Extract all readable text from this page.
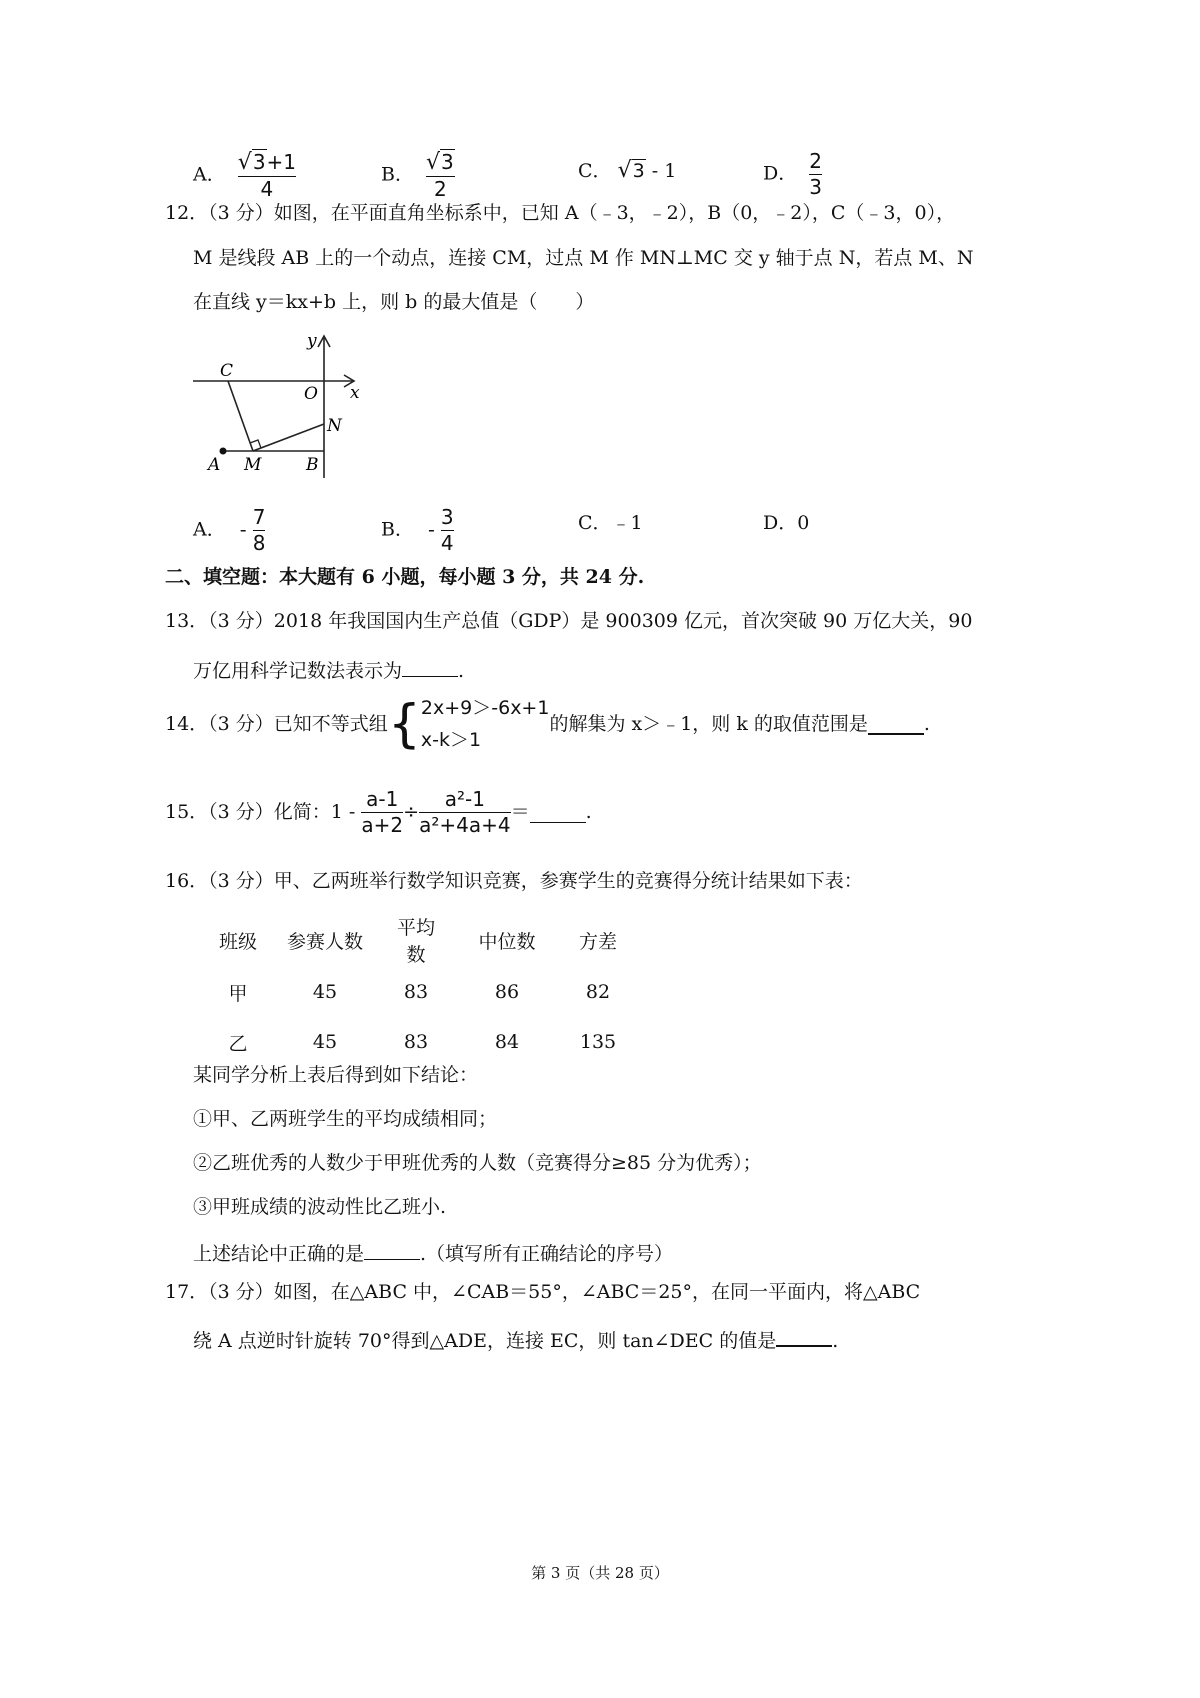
A． $\frac{√3+1}{4}$	B． $\frac{√3}{2}$	C． √3 - 1	D． $\frac{2}{3}$
12．（3 分）如图，在平面直角坐标系中，已知 A（﹣3，﹣2），B（0，﹣2），C（﹣3，0），
M 是线段 AB 上的一个动点，连接 CM，过点 M 作 MN⊥MC 交 y 轴于点 N，若点 M、N
在直线 y＝kx+b 上，则 b 的最大值是（　　）
y
x
C
O
N
A M	B
A． - $\frac{7}{8}$	B． - $\frac{3}{4}$	C．﹣1	D．0
二、填空题：本大题有 6 小题，每小题 3 分，共 24 分.
13．（3 分）2018 年我国国内生产总值（GDP）是 900309 亿元，首次突破 90 万亿大关，90
万亿用科学记数法表示为	.
14．（3 分）已知不等式组{ 2x+9＞-6x+1
x-k＞1
的解集为 x＞﹣1，则 k 的取值范围是	.
15．（3 分）化简：$1 - \frac{a-1}{a+2} \div \frac{\text{a²-1}}{\text{a²+4a+4}}$ ＝	.
16．（3 分）甲、乙两班举行数学知识竞赛，参赛学生的竞赛得分统计结果如下表：
班级	参赛人数	平均数	中位数	方差
甲	45	83	86	82
乙	45	83	84	135
某同学分析上表后得到如下结论：
①甲、乙两班学生的平均成绩相同；
②乙班优秀的人数少于甲班优秀的人数（竞赛得分≥85 分为优秀）；
③甲班成绩的波动性比乙班小.
上述结论中正确的是	.（填写所有正确结论的序号）
17．（3 分）如图，在△ABC 中，∠CAB＝55°，∠ABC＝25°，在同一平面内，将△ABC
绕 A 点逆时针旋转 70°得到△ADE，连接 EC，则 tan∠DEC 的值是	.
第 3 页（共 28 页）
